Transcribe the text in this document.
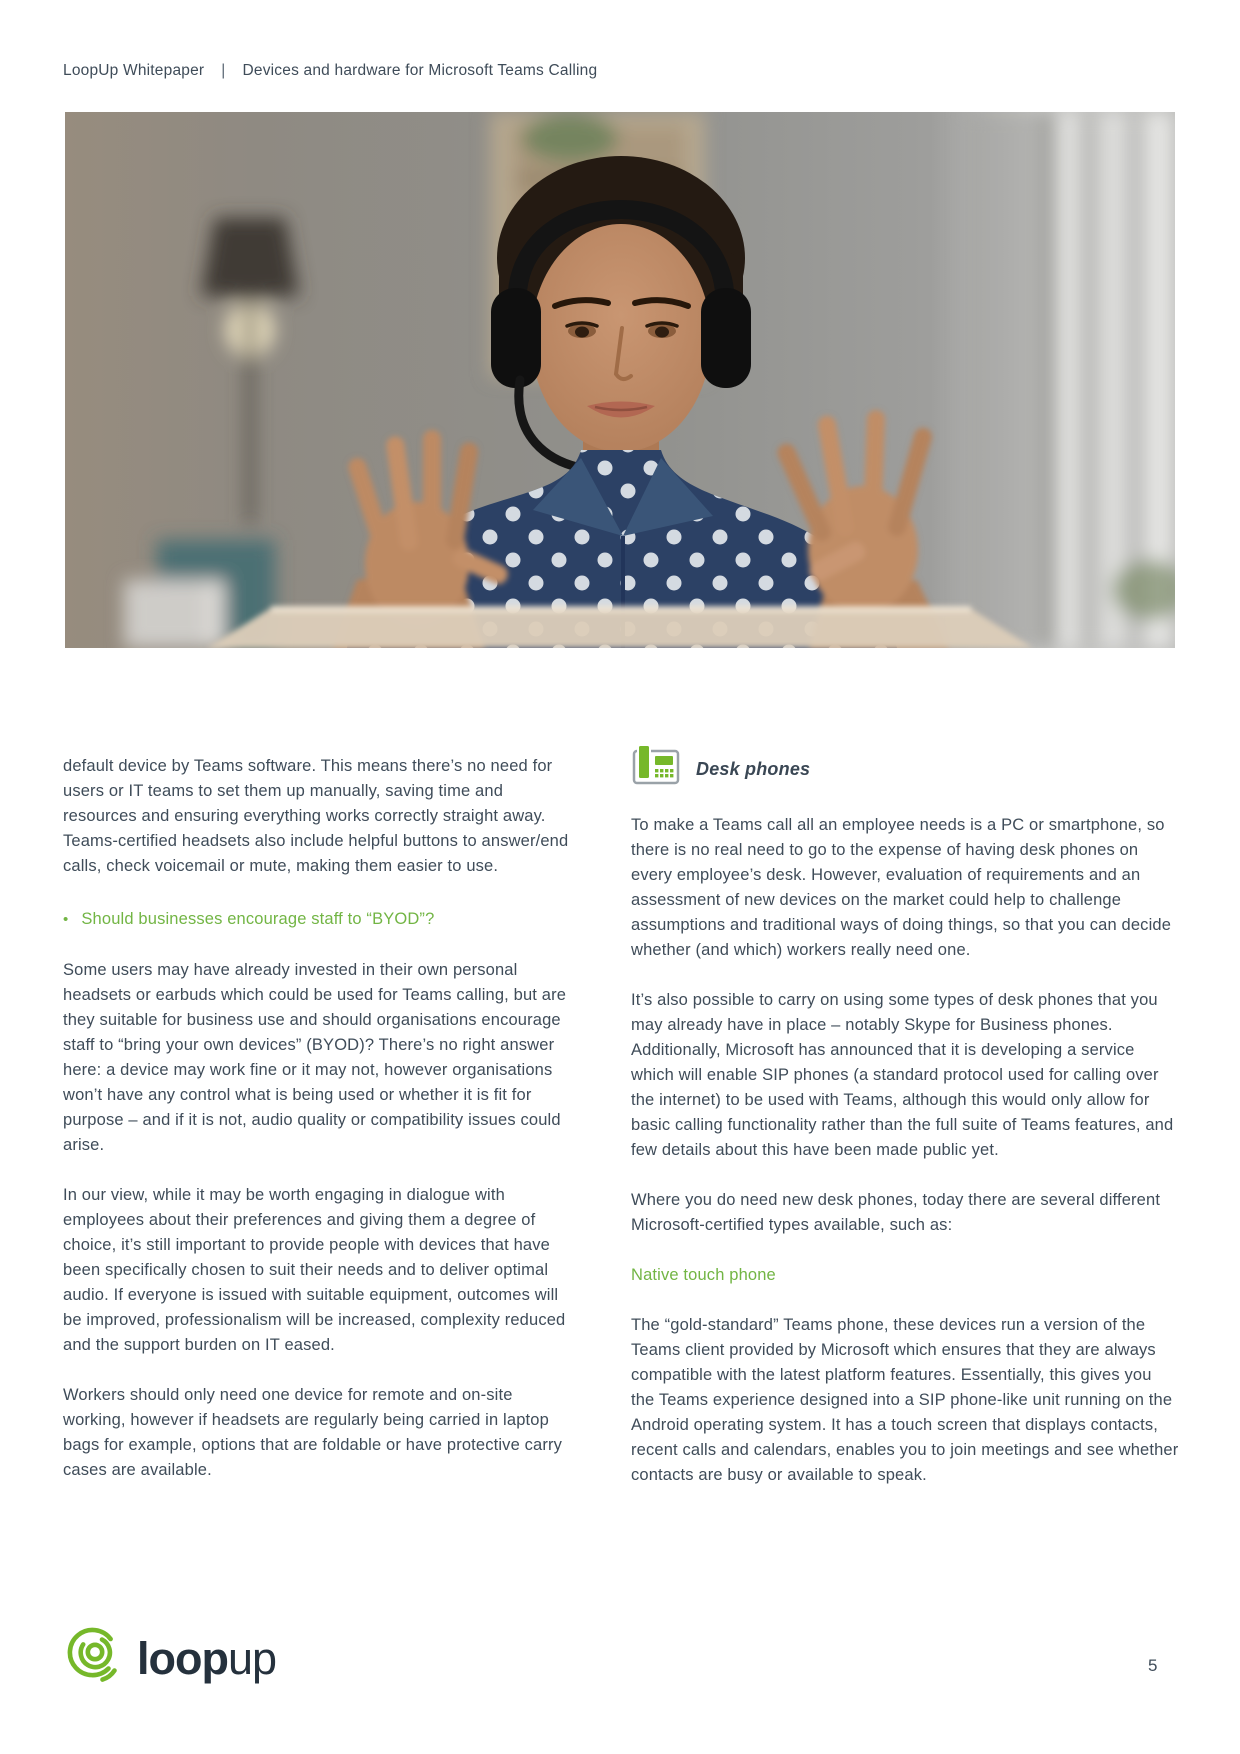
LoopUp Whitepaper | Devices and hardware for Microsoft Teams Calling

default device by Teams software. This means there’s no need for users or IT teams to set them up manually, saving time and resources and ensuring everything works correctly straight away. Teams-certified headsets also include helpful buttons to answer/end calls, check voicemail or mute, making them easier to use.

• Should businesses encourage staff to “BYOD”?

Some users may have already invested in their own personal headsets or earbuds which could be used for Teams calling, but are they suitable for business use and should organisations encourage staff to “bring your own devices” (BYOD)? There’s no right answer here: a device may work fine or it may not, however organisations won’t have any control what is being used or whether it is fit for purpose – and if it is not, audio quality or compatibility issues could arise.

In our view, while it may be worth engaging in dialogue with employees about their preferences and giving them a degree of choice, it’s still important to provide people with devices that have been specifically chosen to suit their needs and to deliver optimal audio. If everyone is issued with suitable equipment, outcomes will be improved, professionalism will be increased, complexity reduced and the support burden on IT eased.

Workers should only need one device for remote and on-site working, however if headsets are regularly being carried in laptop bags for example, options that are foldable or have protective carry cases are available.

Desk phones

To make a Teams call all an employee needs is a PC or smartphone, so there is no real need to go to the expense of having desk phones on every employee’s desk. However, evaluation of requirements and an assessment of new devices on the market could help to challenge assumptions and traditional ways of doing things, so that you can decide whether (and which) workers really need one.

It’s also possible to carry on using some types of desk phones that you may already have in place – notably Skype for Business phones. Additionally, Microsoft has announced that it is developing a service which will enable SIP phones (a standard protocol used for calling over the internet) to be used with Teams, although this would only allow for basic calling functionality rather than the full suite of Teams features, and few details about this have been made public yet.

Where you do need new desk phones, today there are several different Microsoft-certified types available, such as:

Native touch phone

The “gold-standard” Teams phone, these devices run a version of the Teams client provided by Microsoft which ensures that they are always compatible with the latest platform features. Essentially, this gives you the Teams experience designed into a SIP phone-like unit running on the Android operating system. It has a touch screen that displays contacts, recent calls and calendars, enables you to join meetings and see whether contacts are busy or available to speak.

loopup	5
